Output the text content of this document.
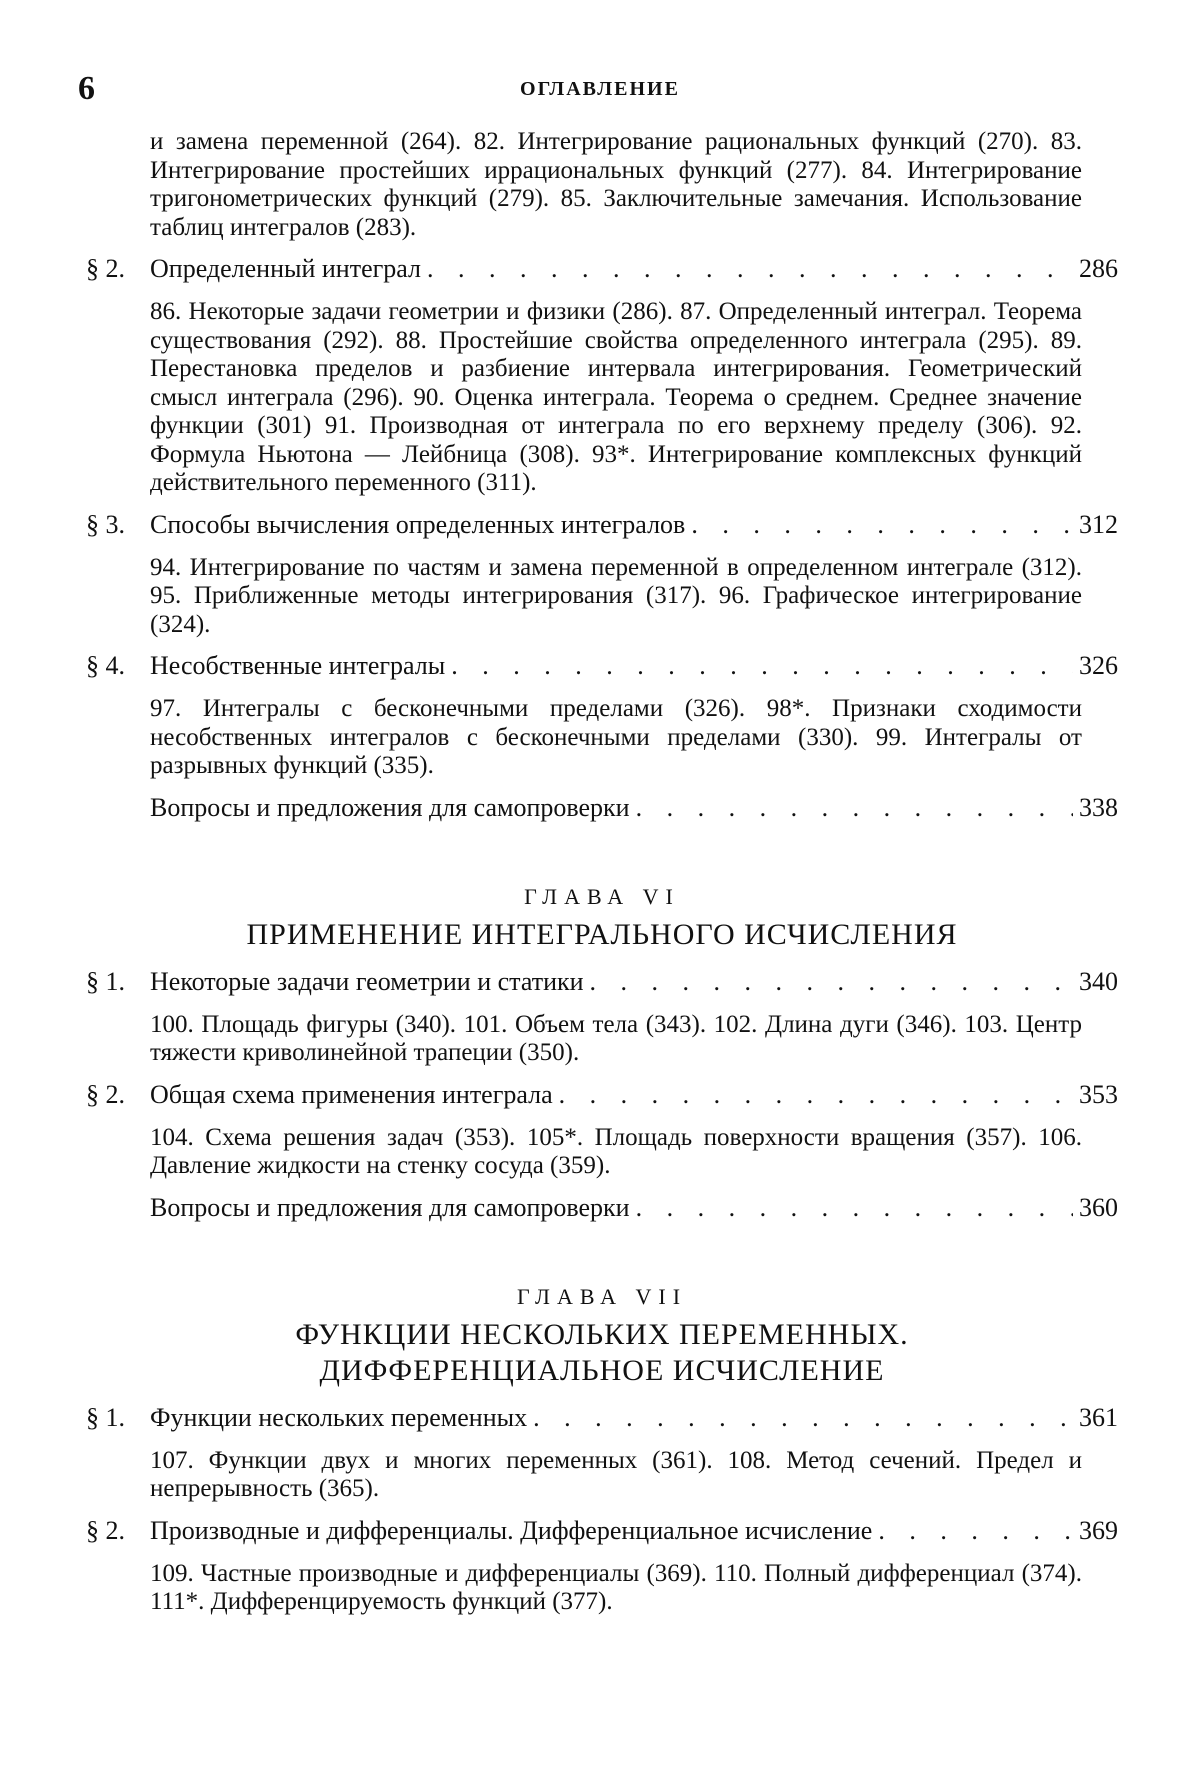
6	ОГЛАВЛЕНИЕ
и замена переменной (264). 82. Интегрирование рациональных функций (270). 83. Интегрирование простейших иррациональных функций (277). 84. Интегрирование тригонометрических функций (279). 85. Заключительные замечания. Использование таблиц интегралов (283).
§ 2. Определенный интеграл . . .	286
86. Некоторые задачи геометрии и физики (286). 87. Определенный интеграл. Теорема существования (292). 88. Простейшие свойства определенного интеграла (295). 89. Перестановка пределов и разбиение интервала интегрирования. Геометрический смысл интеграла (296). 90. Оценка интеграла. Теорема о среднем. Среднее значение функции (301) 91. Производная от интеграла по его верхнему пределу (306). 92. Формула Ньютона — Лейбница (308). 93*. Интегрирование комплексных функций действительного переменного (311).
§ 3. Способы вычисления определенных интегралов . . .	312
94. Интегрирование по частям и замена переменной в определенном интеграле (312). 95. Приближенные методы интегрирования (317). 96. Графическое интегрирование (324).
§ 4. Несобственные интегралы . . .	326
97. Интегралы с бесконечными пределами (326). 98*. Признаки сходимости несобственных интегралов с бесконечными пределами (330). 99. Интегралы от разрывных функций (335).
Вопросы и предложения для самопроверки . . .	338
ГЛАВА VI
ПРИМЕНЕНИЕ ИНТЕГРАЛЬНОГО ИСЧИСЛЕНИЯ
§ 1. Некоторые задачи геометрии и статики . . .	340
100. Площадь фигуры (340). 101. Объем тела (343). 102. Длина дуги (346). 103. Центр тяжести криволинейной трапеции (350).
§ 2. Общая схема применения интеграла . . .	353
104. Схема решения задач (353). 105*. Площадь поверхности вращения (357). 106. Давление жидкости на стенку сосуда (359).
Вопросы и предложения для самопроверки . . .	360
ГЛАВА VII
ФУНКЦИИ НЕСКОЛЬКИХ ПЕРЕМЕННЫХ.
ДИФФЕРЕНЦИАЛЬНОЕ ИСЧИСЛЕНИЕ
§ 1. Функции нескольких переменных . . .	361
107. Функции двух и многих переменных (361). 108. Метод сечений. Предел и непрерывность (365).
§ 2. Производные и дифференциалы. Дифференциальное исчисление . . .	369
109. Частные производные и дифференциалы (369). 110. Полный дифференциал (374). 111*. Дифференцируемость функций (377).
